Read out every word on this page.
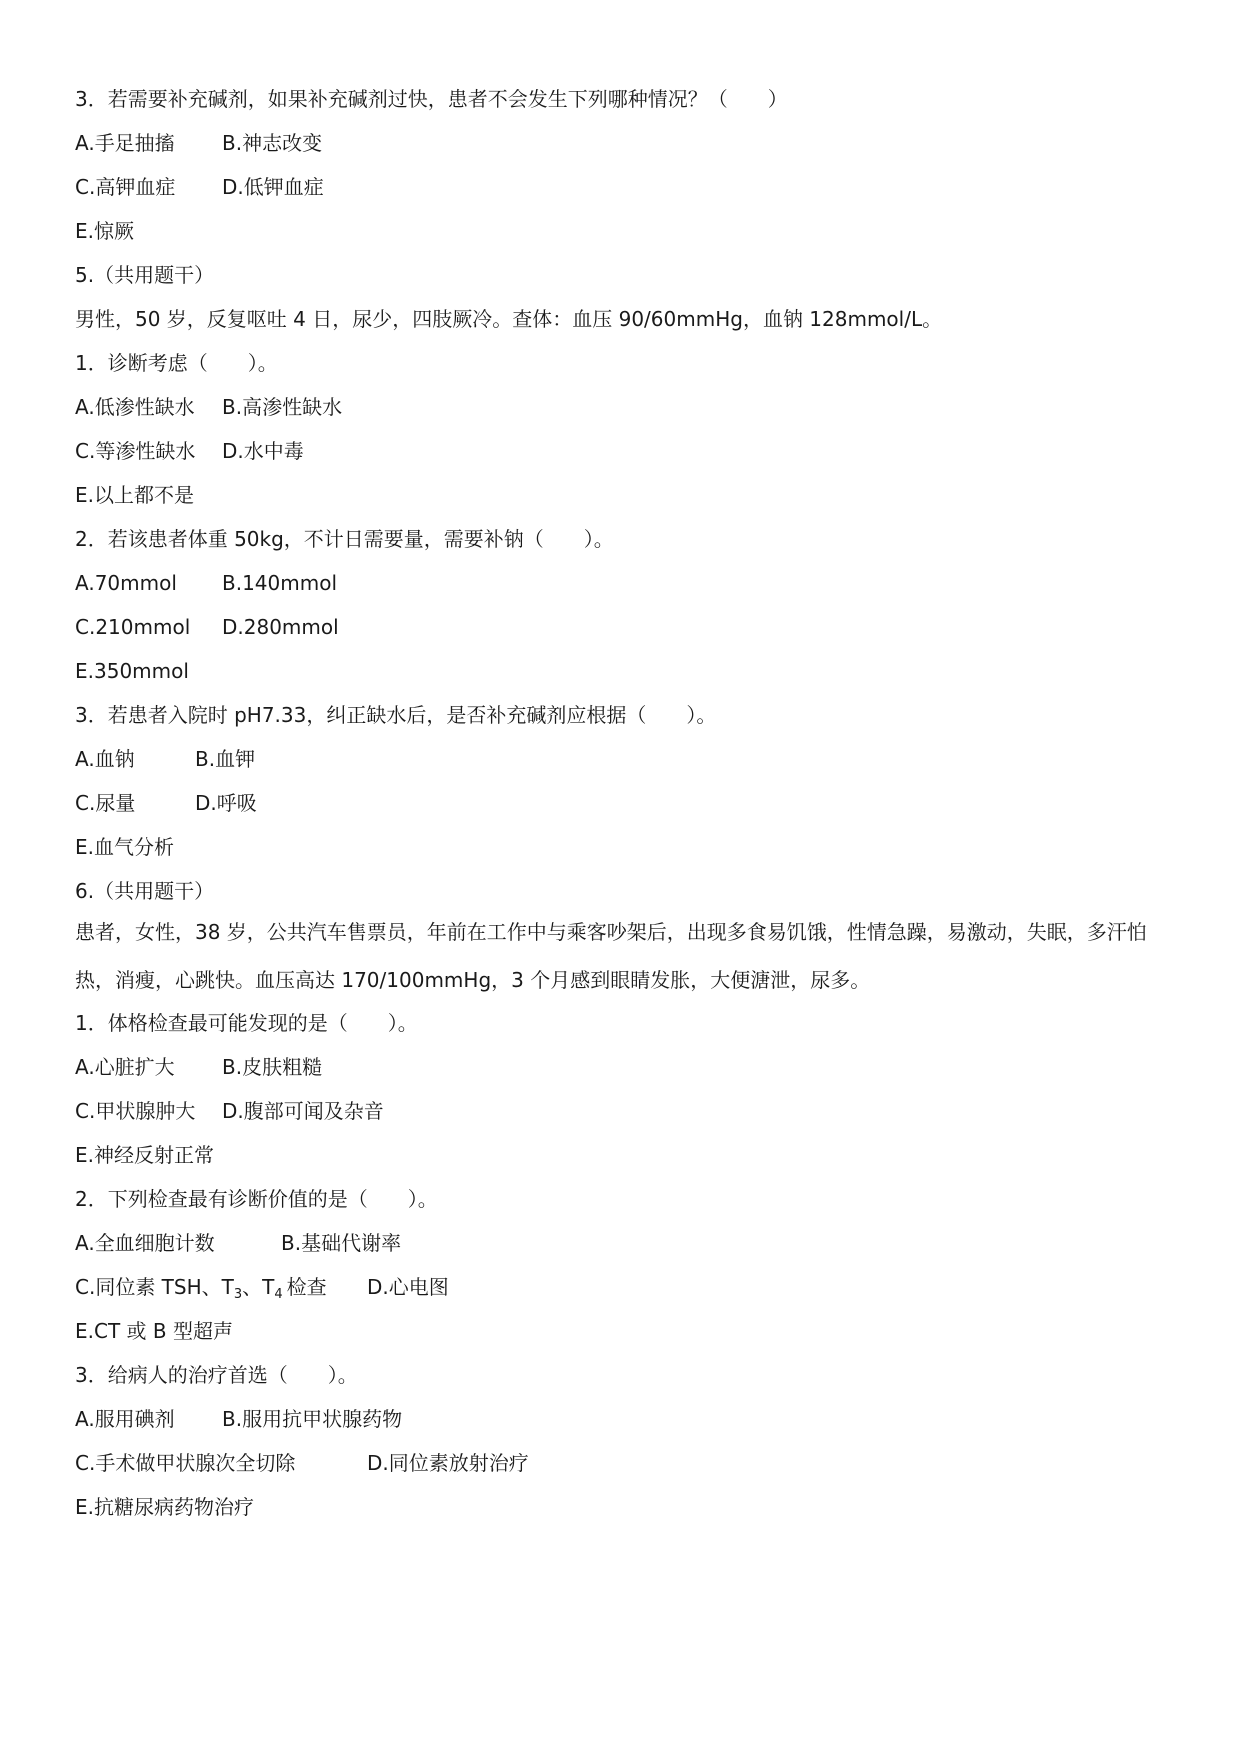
3．若需要补充碱剂，如果补充碱剂过快，患者不会发生下列哪种情况？（　　）
A.手足抽搐 B.神志改变
C.高钾血症 D.低钾血症
E.惊厥
5.（共用题干）
男性，50 岁，反复呕吐 4 日，尿少，四肢厥冷。查体：血压 90/60mmHg，血钠 128mmol/L。
1．诊断考虑（　　）。
A.低渗性缺水 B.高渗性缺水
C.等渗性缺水 D.水中毒
E.以上都不是
2．若该患者体重 50kg，不计日需要量，需要补钠（　　）。
A.70mmol B.140mmol
C.210mmol D.280mmol
E.350mmol
3．若患者入院时 pH7.33，纠正缺水后，是否补充碱剂应根据（　　）。
A.血钠	B.血钾
C.尿量	D.呼吸
E.血气分析
6.（共用题干）
患者，女性，38 岁，公共汽车售票员，年前在工作中与乘客吵架后，出现多食易饥饿，性情急躁，易激动，失眠，多汗怕热，消瘦，心跳快。血压高达 170/100mmHg，3 个月感到眼睛发胀，大便溏泄，尿多。
1．体格检查最可能发现的是（　　）。
A.心脏扩大 B.皮肤粗糙
C.甲状腺肿大 D.腹部可闻及杂音
E.神经反射正常
2．下列检查最有诊断价值的是（　　）。
A.全血细胞计数	B.基础代谢率
C.同位素 TSH、$T_3$、$T_4$ 检查 D.心电图
E.CT 或 B 型超声
3．给病人的治疗首选（　　）。
A.服用碘剂 B.服用抗甲状腺药物
C.手术做甲状腺次全切除	D.同位素放射治疗
E.抗糖尿病药物治疗
